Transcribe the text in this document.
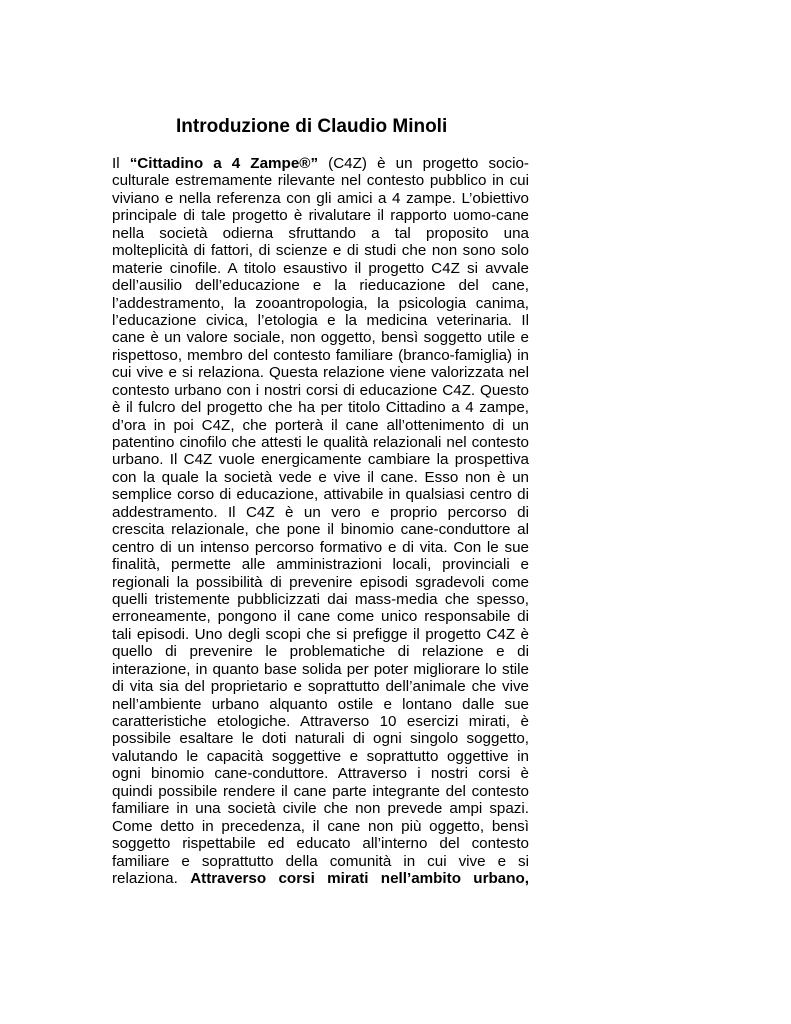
Introduzione di Claudio Minoli
Il “Cittadino a 4 Zampe®” (C4Z) è un progetto socio-
culturale estremamente rilevante nel contesto pubblico in cui
viviano e nella referenza con gli amici a 4 zampe. L’obiettivo
principale di tale progetto è rivalutare il rapporto uomo-cane
nella società odierna sfruttando a tal proposito una
molteplicità di fattori, di scienze e di studi che non sono solo
materie cinofile. A titolo esaustivo il progetto C4Z si avvale
dell’ausilio dell’educazione e la rieducazione del cane,
l’addestramento, la zooantropologia, la psicologia canima,
l’educazione civica, l’etologia e la medicina veterinaria. Il
cane è un valore sociale, non oggetto, bensì soggetto utile e
rispettoso, membro del contesto familiare (branco-famiglia) in
cui vive e si relaziona. Questa relazione viene valorizzata nel
contesto urbano con i nostri corsi di educazione C4Z. Questo
è il fulcro del progetto che ha per titolo Cittadino a 4 zampe,
d’ora in poi C4Z, che porterà il cane all’ottenimento di un
patentino cinofilo che attesti le qualità relazionali nel contesto
urbano. Il C4Z vuole energicamente cambiare la prospettiva
con la quale la società vede e vive il cane. Esso non è un
semplice corso di educazione, attivabile in qualsiasi centro di
addestramento. Il C4Z è un vero e proprio percorso di
crescita relazionale, che pone il binomio cane-conduttore al
centro di un intenso percorso formativo e di vita. Con le sue
finalità, permette alle amministrazioni locali, provinciali e
regionali la possibilità di prevenire episodi sgradevoli come
quelli tristemente pubblicizzati dai mass-media che spesso,
erroneamente, pongono il cane come unico responsabile di
tali episodi. Uno degli scopi che si prefigge il progetto C4Z è
quello di prevenire le problematiche di relazione e di
interazione, in quanto base solida per poter migliorare lo stile
di vita sia del proprietario e soprattutto dell’animale che vive
nell’ambiente urbano alquanto ostile e lontano dalle sue
caratteristiche etologiche. Attraverso 10 esercizi mirati, è
possibile esaltare le doti naturali di ogni singolo soggetto,
valutando le capacità soggettive e soprattutto oggettive in
ogni binomio cane-conduttore. Attraverso i nostri corsi è
quindi possibile rendere il cane parte integrante del contesto
familiare in una società civile che non prevede ampi spazi.
Come detto in precedenza, il cane non più oggetto, bensì
soggetto rispettabile ed educato all’interno del contesto
familiare e soprattutto della comunità in cui vive e si
relaziona. Attraverso corsi mirati nell’ambito urbano,
